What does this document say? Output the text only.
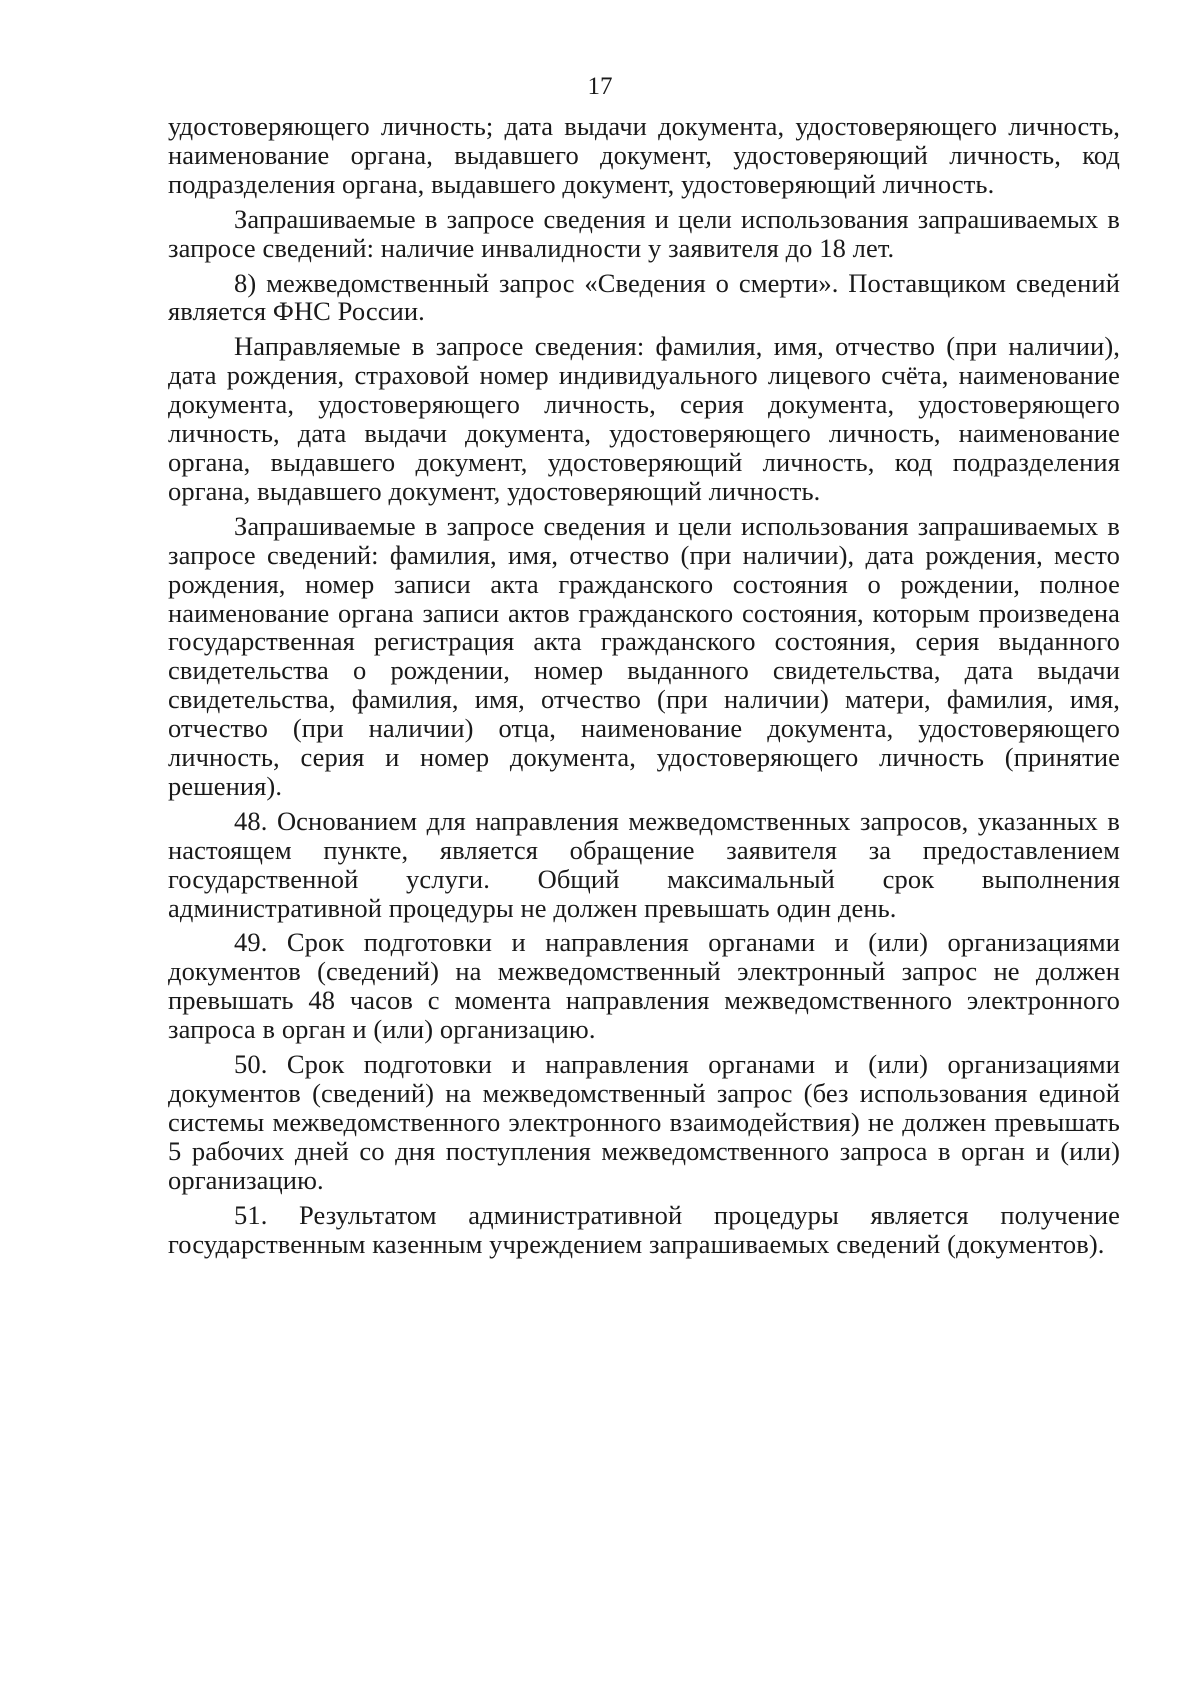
17

удостоверяющего личность; дата выдачи документа, удостоверяющего личность, наименование органа, выдавшего документ, удостоверяющий личность, код подразделения органа, выдавшего документ, удостоверяющий личность.

Запрашиваемые в запросе сведения и цели использования запрашиваемых в запросе сведений: наличие инвалидности у заявителя до 18 лет.

8) межведомственный запрос «Сведения о смерти». Поставщиком сведений является ФНС России.

Направляемые в запросе сведения: фамилия, имя, отчество (при наличии), дата рождения, страховой номер индивидуального лицевого счёта, наименование документа, удостоверяющего личность, серия документа, удостоверяющего личность, дата выдачи документа, удостоверяющего личность, наименование органа, выдавшего документ, удостоверяющий личность, код подразделения органа, выдавшего документ, удостоверяющий личность.

Запрашиваемые в запросе сведения и цели использования запрашиваемых в запросе сведений: фамилия, имя, отчество (при наличии), дата рождения, место рождения, номер записи акта гражданского состояния о рождении, полное наименование органа записи актов гражданского состояния, которым произведена государственная регистрация акта гражданского состояния, серия выданного свидетельства о рождении, номер выданного свидетельства, дата выдачи свидетельства, фамилия, имя, отчество (при наличии) матери, фамилия, имя, отчество (при наличии) отца, наименование документа, удостоверяющего личность, серия и номер документа, удостоверяющего личность (принятие решения).

48. Основанием для направления межведомственных запросов, указанных в настоящем пункте, является обращение заявителя за предоставлением государственной услуги. Общий максимальный срок выполнения административной процедуры не должен превышать один день.

49. Срок подготовки и направления органами и (или) организациями документов (сведений) на межведомственный электронный запрос не должен превышать 48 часов с момента направления межведомственного электронного запроса в орган и (или) организацию.

50. Срок подготовки и направления органами и (или) организациями документов (сведений) на межведомственный запрос (без использования единой системы межведомственного электронного взаимодействия) не должен превышать 5 рабочих дней со дня поступления межведомственного запроса в орган и (или) организацию.

51. Результатом административной процедуры является получение государственным казенным учреждением запрашиваемых сведений (документов).
